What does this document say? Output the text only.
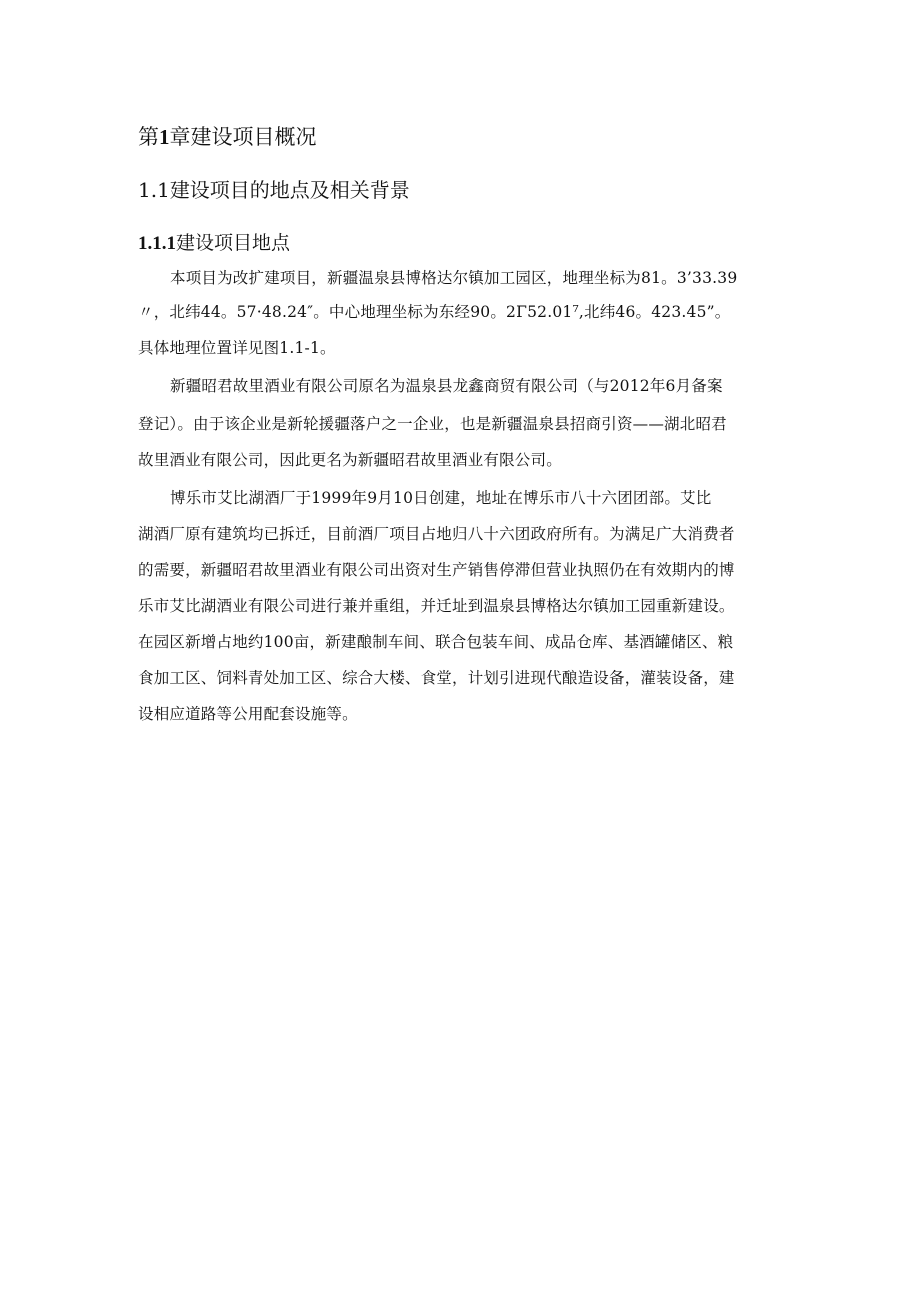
第1章建设项目概况
1.1建设项目的地点及相关背景
1.1.1建设项目地点
本项目为改扩建项目，新疆温泉县博格达尔镇加工园区，地理坐标为81。3’33.39
〃，北纬44。57·48.24″。中心地理坐标为东经90。2Γ52.01⁷,北纬46。423.45”。
具体地理位置详见图1.1-1。
新疆昭君故里酒业有限公司原名为温泉县龙鑫商贸有限公司（与2012年6月备案
登记）。由于该企业是新轮援疆落户之一企业，也是新疆温泉县招商引资——湖北昭君
故里酒业有限公司，因此更名为新疆昭君故里酒业有限公司。
博乐市艾比湖酒厂于1999年9月10日创建，地址在博乐市八十六团团部。艾比
湖酒厂原有建筑均已拆迁，目前酒厂项目占地归八十六团政府所有。为满足广大消费者
的需要，新疆昭君故里酒业有限公司出资对生产销售停滞但营业执照仍在有效期内的博
乐市艾比湖酒业有限公司进行兼并重组，并迁址到温泉县博格达尔镇加工园重新建设。
在园区新增占地约100亩，新建酿制车间、联合包装车间、成品仓库、基酒罐储区、粮
食加工区、饲料青处加工区、综合大楼、食堂，计划引进现代酿造设备，灌装设备，建
设相应道路等公用配套设施等。
